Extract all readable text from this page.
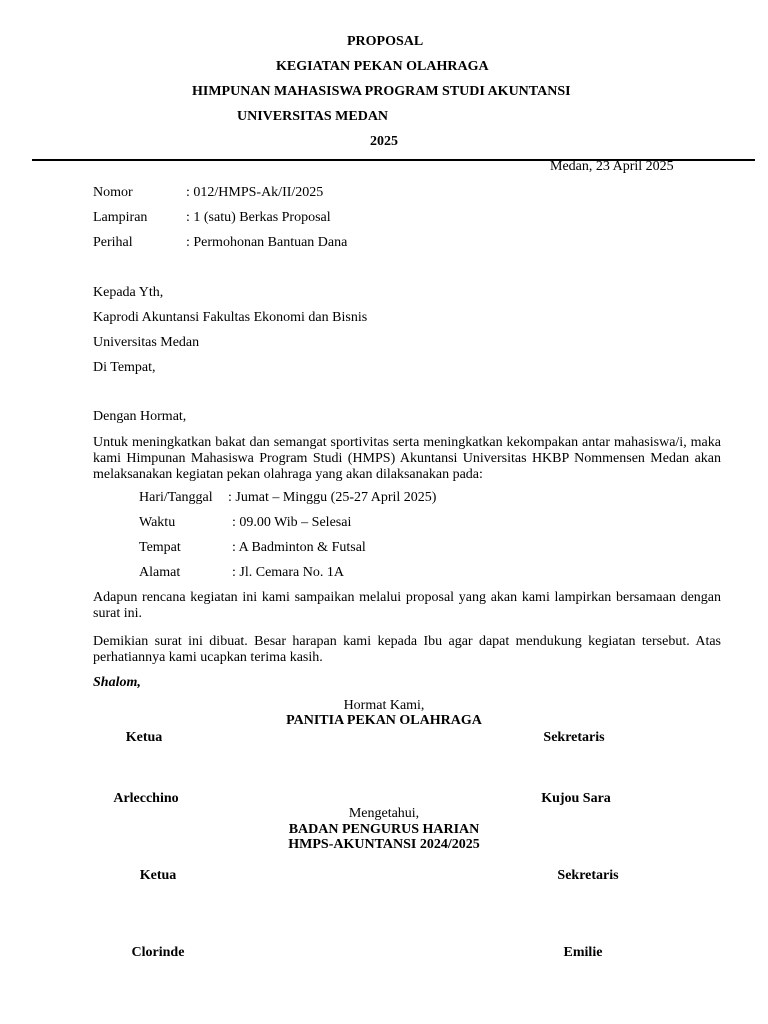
PROPOSAL
KEGIATAN PEKAN OLAHRAGA
HIMPUNAN MAHASISWA PROGRAM STUDI AKUNTANSI
UNIVERSITAS MEDAN
2025
Medan, 23 April 2025
Nomor	: 012/HMPS-Ak/II/2025
Lampiran	: 1 (satu) Berkas Proposal
Perihal	: Permohonan Bantuan Dana
Kepada Yth,
Kaprodi Akuntansi Fakultas Ekonomi dan Bisnis
Universitas Medan
Di Tempat,
Dengan Hormat,
Untuk meningkatkan bakat dan semangat sportivitas serta meningkatkan kekompakan antar mahasiswa/i, maka kami Himpunan Mahasiswa Program Studi (HMPS) Akuntansi Universitas HKBP Nommensen Medan akan melaksanakan kegiatan pekan olahraga yang akan dilaksanakan pada:
Hari/Tanggal : Jumat – Minggu (25-27 April 2025)
Waktu	: 09.00 Wib – Selesai
Tempat	: A Badminton & Futsal
Alamat	: Jl. Cemara No. 1A
Adapun rencana kegiatan ini kami sampaikan melalui proposal yang akan kami lampirkan bersamaan dengan surat ini.
Demikian surat ini dibuat. Besar harapan kami kepada Ibu agar dapat mendukung kegiatan tersebut. Atas perhatiannya kami ucapkan terima kasih.
Shalom,
Hormat Kami,
PANITIA PEKAN OLAHRAGA
Ketua	Sekretaris
Arlecchino	Kujou Sara
Mengetahui,
BADAN PENGURUS HARIAN
HMPS-AKUNTANSI 2024/2025
Ketua	Sekretaris
Clorinde	Emilie
